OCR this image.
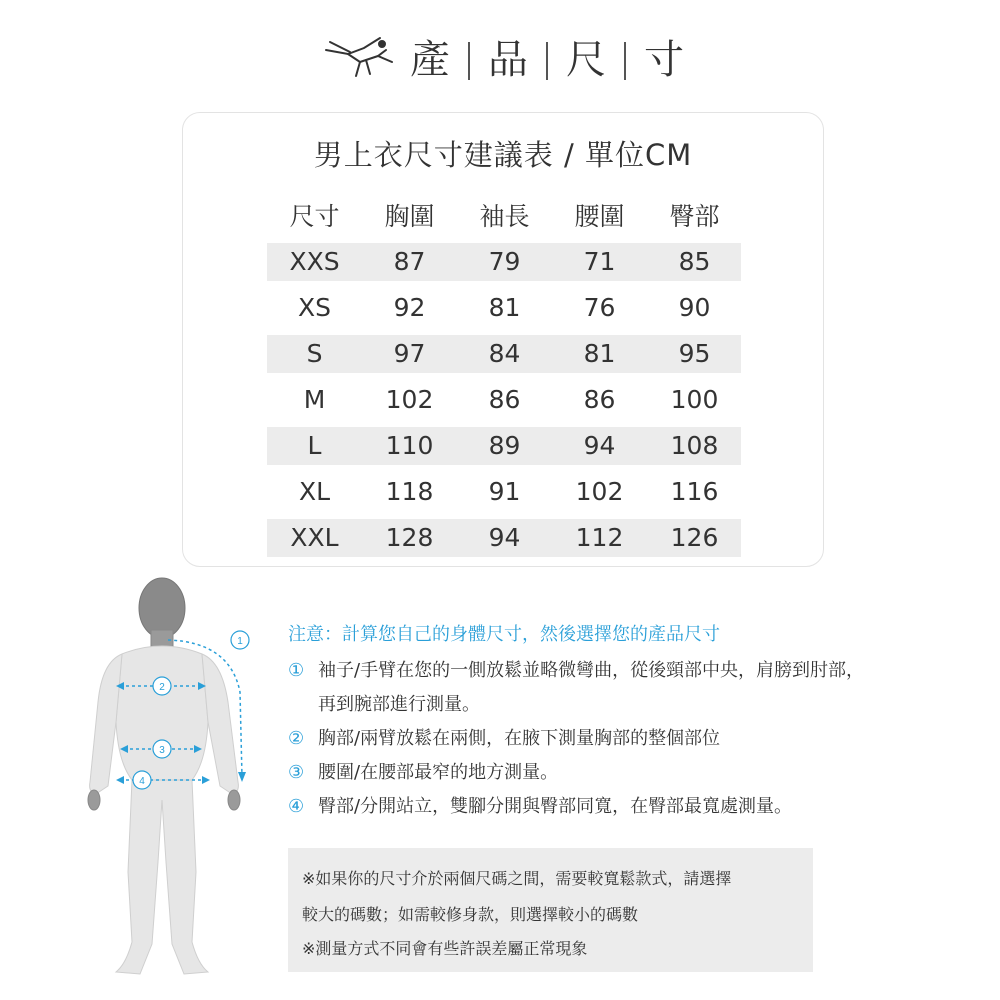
產 品 尺 寸
男上衣尺寸建議表 / 單位CM
尺寸	胸圍	袖長	腰圍	臀部
XXS	87	79	71	85
XS	92	81	76	90
S	97	84	81	95
M	102	86	86	100
L	110	89	94	108
XL	118	91	102	116
XXL	128	94	112	126
1
2
3
4
注意：計算您自己的身體尺寸，然後選擇您的產品尺寸
① 袖子/手臂在您的一側放鬆並略微彎曲，從後頸部中央，肩膀到肘部，
再到腕部進行測量。
② 胸部/兩臂放鬆在兩側，在腋下測量胸部的整個部位
③ 腰圍/在腰部最窄的地方測量。
④ 臀部/分開站立，雙腳分開與臀部同寬，在臀部最寬處測量。
※如果你的尺寸介於兩個尺碼之間，需要較寬鬆款式，請選擇
較大的碼數；如需較修身款，則選擇較小的碼數
※測量方式不同會有些許誤差屬正常現象
